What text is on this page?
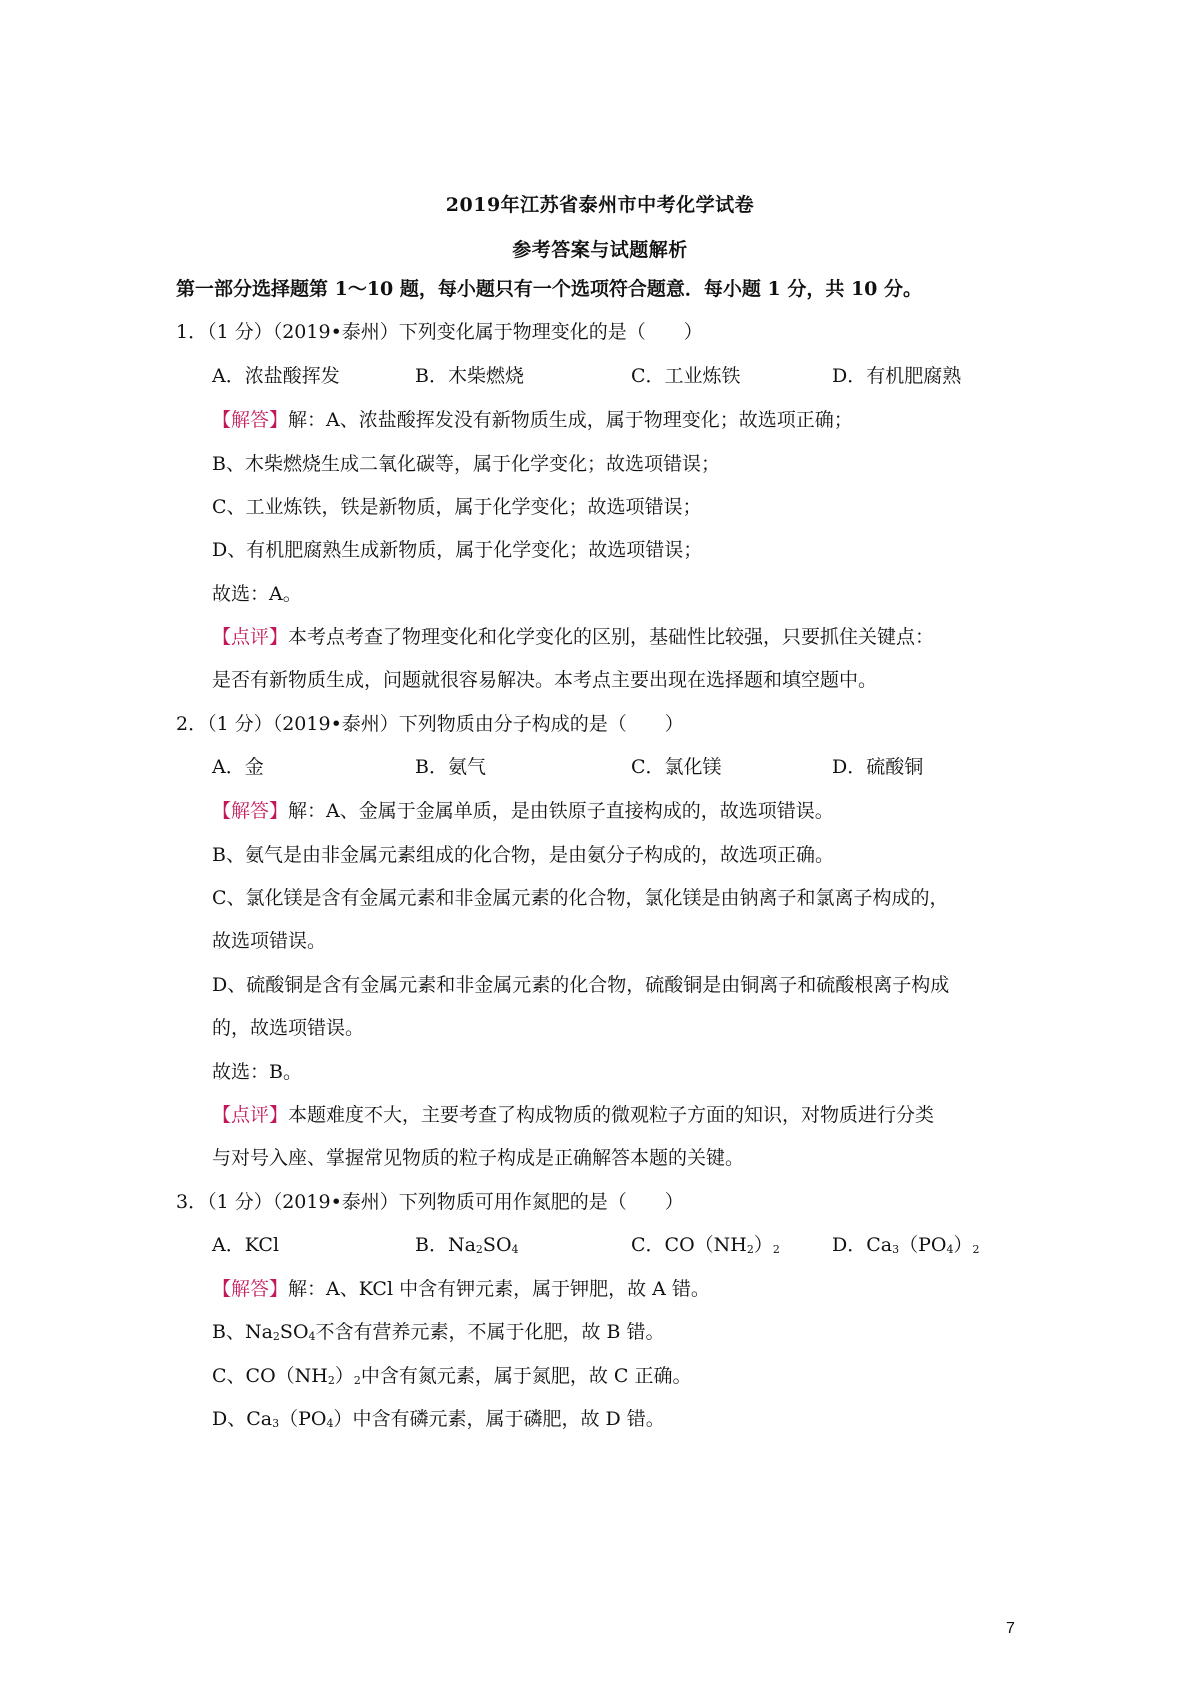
2019年江苏省泰州市中考化学试卷
参考答案与试题解析
第一部分选择题第 1～10 题，每小题只有一个选项符合题意．每小题 1 分，共 10 分。
1．（1 分）（2019•泰州）下列变化属于物理变化的是（　　）
A．浓盐酸挥发	B．木柴燃烧	C．工业炼铁	D．有机肥腐熟
【解答】解：A、浓盐酸挥发没有新物质生成，属于物理变化；故选项正确；
B、木柴燃烧生成二氧化碳等，属于化学变化；故选项错误；
C、工业炼铁，铁是新物质，属于化学变化；故选项错误；
D、有机肥腐熟生成新物质，属于化学变化；故选项错误；
故选：A。
【点评】本考点考查了物理变化和化学变化的区别，基础性比较强，只要抓住关键点：
是否有新物质生成，问题就很容易解决。本考点主要出现在选择题和填空题中。
2．（1 分）（2019•泰州）下列物质由分子构成的是（　　）
A．金	B．氨气	C．氯化镁	D．硫酸铜
【解答】解：A、金属于金属单质，是由铁原子直接构成的，故选项错误。
B、氨气是由非金属元素组成的化合物，是由氨分子构成的，故选项正确。
C、氯化镁是含有金属元素和非金属元素的化合物，氯化镁是由钠离子和氯离子构成的，
故选项错误。
D、硫酸铜是含有金属元素和非金属元素的化合物，硫酸铜是由铜离子和硫酸根离子构成
的，故选项错误。
故选：B。
【点评】本题难度不大，主要考查了构成物质的微观粒子方面的知识，对物质进行分类
与对号入座、掌握常见物质的粒子构成是正确解答本题的关键。
3．（1 分）（2019•泰州）下列物质可用作氮肥的是（　　）
A．KCl	B．$Na_2SO_4$	C．$CO(NH_2)_2$	D．$Ca_3(PO_4)_2$
【解答】解：A、KCl 中含有钾元素，属于钾肥，故 A 错。
B、$Na_2SO_4$不含有营养元素，不属于化肥，故 B 错。
C、$CO(NH_2)_2$中含有氮元素，属于氮肥，故 C 正确。
D、$Ca_3(PO_4)$中含有磷元素，属于磷肥，故 D 错。
7
